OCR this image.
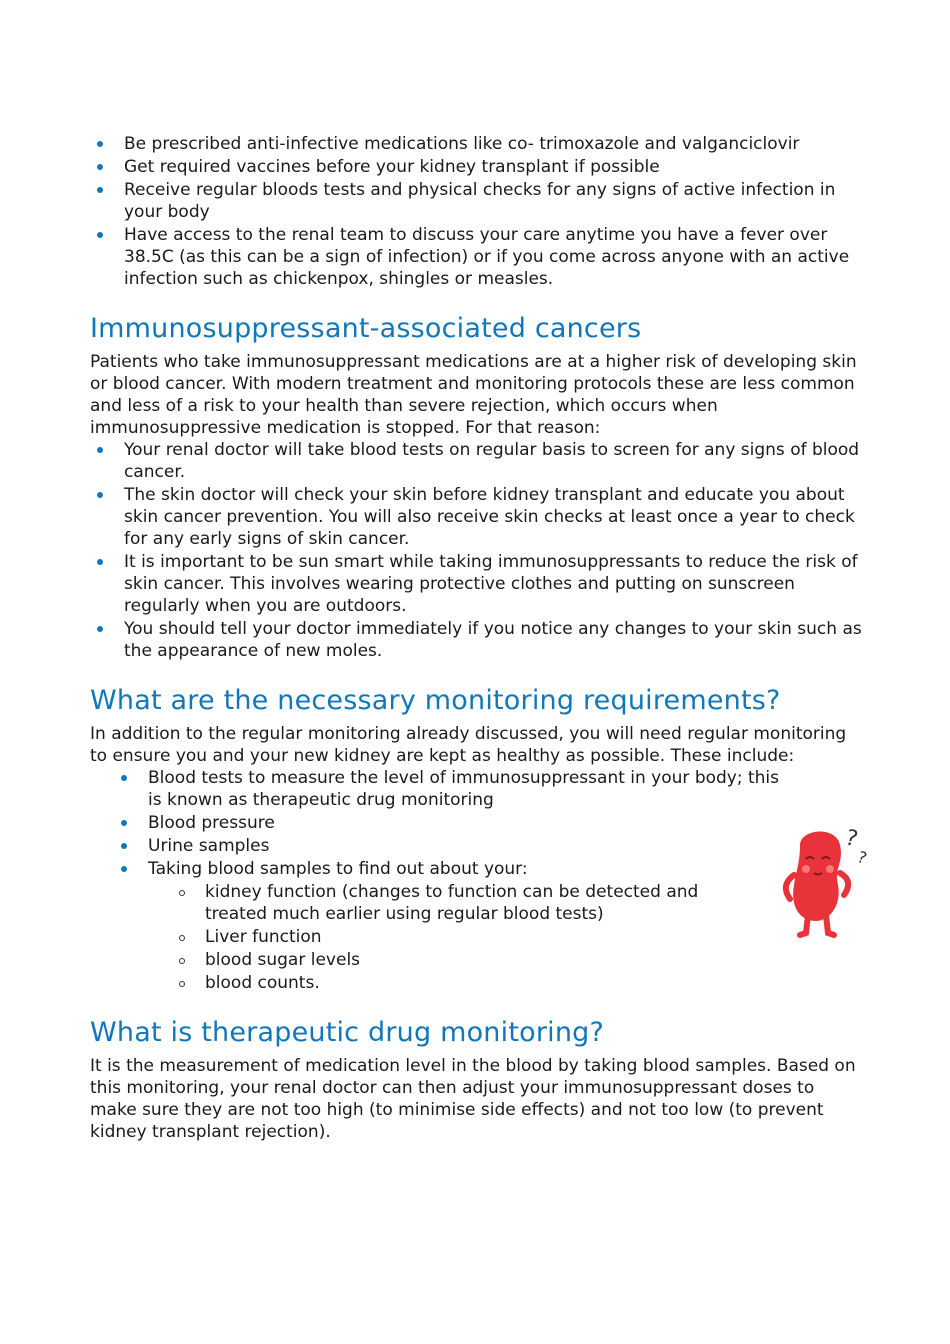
Be prescribed anti-infective medications like co- trimoxazole and valganciclovir
Get required vaccines before your kidney transplant if possible
Receive regular bloods tests and physical checks for any signs of active infection in your body
Have access to the renal team to discuss your care anytime you have a fever over 38.5C (as this can be a sign of infection) or if you come across anyone with an active infection such as chickenpox, shingles or measles.
Immunosuppressant-associated cancers

Patients who take immunosuppressant medications are at a higher risk of developing skin or blood cancer. With modern treatment and monitoring protocols these are less common and less of a risk to your health than severe rejection, which occurs when immunosuppressive medication is stopped. For that reason:

Your renal doctor will take blood tests on regular basis to screen for any signs of blood cancer.
The skin doctor will check your skin before kidney transplant and educate you about skin cancer prevention. You will also receive skin checks at least once a year to check for any early signs of skin cancer.
It is important to be sun smart while taking immunosuppressants to reduce the risk of skin cancer. This involves wearing protective clothes and putting on sunscreen regularly when you are outdoors.
You should tell your doctor immediately if you notice any changes to your skin such as the appearance of new moles.
What are the necessary monitoring requirements?

In addition to the regular monitoring already discussed, you will need regular monitoring to ensure you and your new kidney are kept as healthy as possible. These include:

Blood tests to measure the level of immunosuppressant in your body; this is known as therapeutic drug monitoring
Blood pressure
Urine samples
Taking blood samples to find out about your:
kidney function (changes to function can be detected and treated much earlier using regular blood tests)
Liver function
blood sugar levels
blood counts.
What is therapeutic drug monitoring?

It is the measurement of medication level in the blood by taking blood samples. Based on this monitoring, your renal doctor can then adjust your immunosuppressant doses to make sure they are not too high (to minimise side effects) and not too low (to prevent kidney transplant rejection).

?
?
